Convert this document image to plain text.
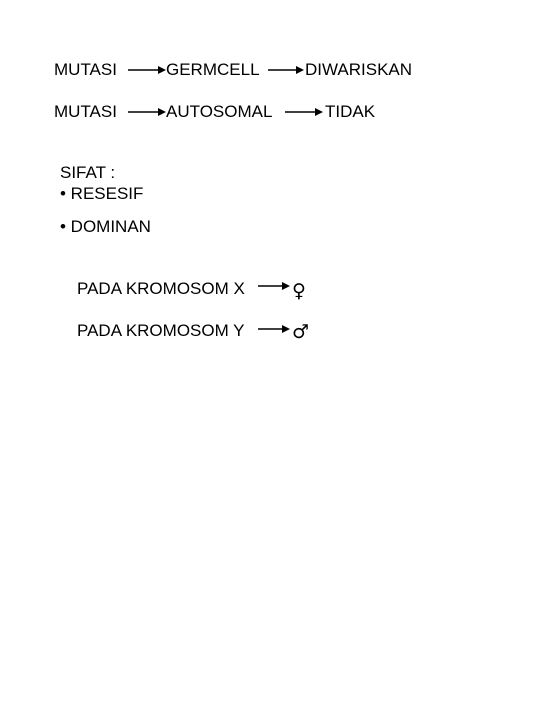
MUTASI	GERMCELL	DIWARISKAN
MUTASI	AUTOSOMAL	TIDAK
SIFAT :
• RESESIF
• DOMINAN
PADA KROMOSOM X ♀
PADA KROMOSOM Y ♂
